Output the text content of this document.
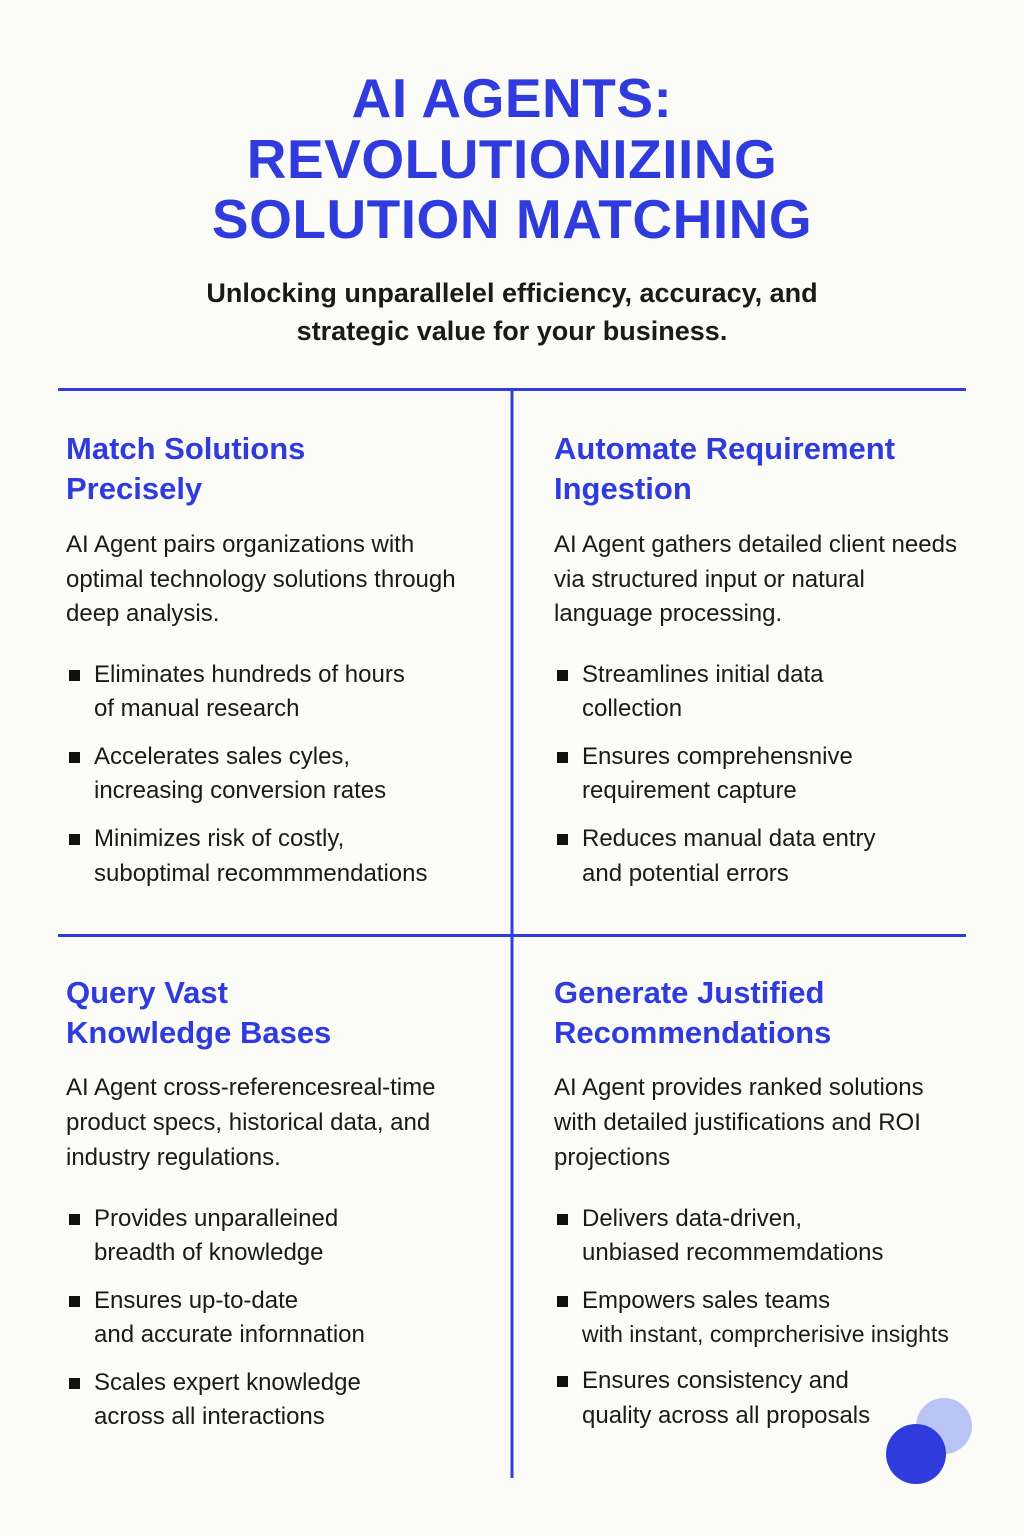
AI AGENTS:
REVOLUTIONIZIING
SOLUTION MATCHING

Unlocking unparallelel efficiency, accuracy, and
strategic value for your business.

Match Solutions
Precisely

AI Agent pairs organizations with optimal technology solutions through deep analysis.

Eliminates hundreds of hours
of manual research
Accelerates sales cyles,
increasing conversion rates
Minimizes risk of costly,
suboptimal recommmendations
Automate Requirement
Ingestion

AI Agent gathers detailed client needs via structured input or natural language processing.

Streamlines initial data
collection
Ensures comprehensnive
requirement capture
Reduces manual data entry
and potential errors
Query Vast
Knowledge Bases

AI Agent cross-referencesreal-time product specs, historical data, and industry regulations.

Provides unparalleined
breadth of knowledge
Ensures up-to-date
and accurate infornnation
Scales expert knowledge
across all interactions
Generate Justified
Recommendations

AI Agent provides ranked solutions with detailed justifications and ROI projections

Delivers data-driven,
unbiased recommemdations
Empowers sales teams
with instant, comprcherisive insights
Ensures consistency and
quality across all proposals
